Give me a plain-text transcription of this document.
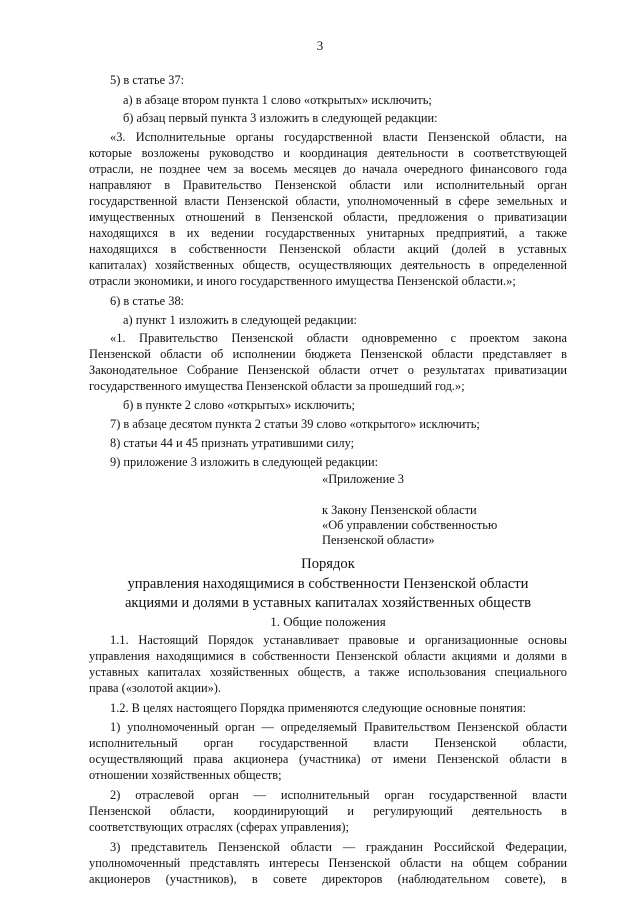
3
5) в статье 37:
а) в абзаце втором пункта 1 слово «открытых» исключить;
б) абзац первый пункта 3 изложить в следующей редакции:
«3. Исполнительные органы государственной власти Пензенской области, на
которые возложены руководство и координация деятельности в соответствующей
отрасли, не позднее чем за восемь месяцев до начала очередного финансового года
направляют в Правительство Пензенской области или исполнительный орган
государственной власти Пензенской области, уполномоченный в сфере земельных и
имущественных отношений в Пензенской области, предложения о приватизации
находящихся в их ведении государственных унитарных предприятий, а также
находящихся в собственности Пензенской области акций (долей в уставных
капиталах) хозяйственных обществ, осуществляющих деятельность в определенной
отрасли экономики, и иного государственного имущества Пензенской области.»;
6) в статье 38:
а) пункт 1 изложить в следующей редакции:
«1. Правительство Пензенской области одновременно с проектом закона
Пензенской области об исполнении бюджета Пензенской области представляет в
Законодательное Собрание Пензенской области отчет о результатах приватизации
государственного имущества Пензенской области за прошедший год.»;
б) в пункте 2 слово «открытых» исключить;
7) в абзаце десятом пункта 2 статьи 39 слово «открытого» исключить;
8) статьи 44 и 45 признать утратившими силу;
9) приложение 3 изложить в следующей редакции:
«Приложение 3
к Закону Пензенской области
«Об управлении собственностью
Пензенской области»
Порядок
управления находящимися в собственности Пензенской области
акциями и долями в уставных капиталах хозяйственных обществ
1. Общие положения
1.1. Настоящий Порядок устанавливает правовые и организационные основы
управления находящимися в собственности Пензенской области акциями и долями в
уставных капиталах хозяйственных обществ, а также использования специального
права («золотой акции»).
1.2. В целях настоящего Порядка применяются следующие основные понятия:
1) уполномоченный орган — определяемый Правительством Пензенской области
исполнительный орган государственной власти Пензенской области,
осуществляющий права акционера (участника) от имени Пензенской области в
отношении хозяйственных обществ;
2) отраслевой орган — исполнительный орган государственной власти
Пензенской области, координирующий и регулирующий деятельность в
соответствующих отраслях (сферах управления);
3) представитель Пензенской области — гражданин Российской Федерации,
уполномоченный представлять интересы Пензенской области на общем собрании
акционеров (участников), в совете директоров (наблюдательном совете), в
